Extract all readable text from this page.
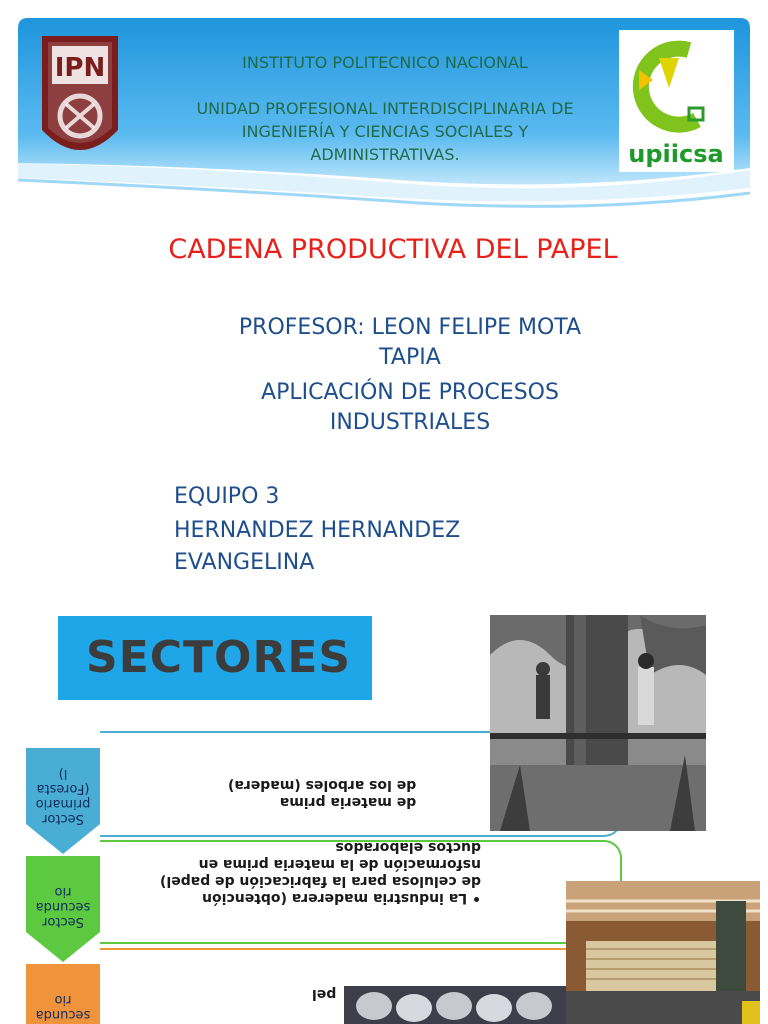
INSTITUTO POLITECNICO NACIONAL
UNIDAD PROFESIONAL INTERDISCIPLINARIA DE
INGENIERÍA Y CIENCIAS SOCIALES Y
ADMINISTRATIVAS.
IPN
upiicsa
CADENA PRODUCTIVA DEL PAPEL
PROFESOR: LEON FELIPE MOTA
TAPIA
APLICACIÓN DE PROCESOS
INDUSTRIALES
EQUIPO 3
HERNANDEZ HERNANDEZ
EVANGELINA
SECTORES
Sector
primario
(Foresta
l)
de materia prima
de los arboles (madera)
Sector
secunda
rio	• La industria maderera (obtención
de celulosa para la fabricación de papel)
nsformación de la materia prima en
ductos elaborados
secunda
rio	pel
